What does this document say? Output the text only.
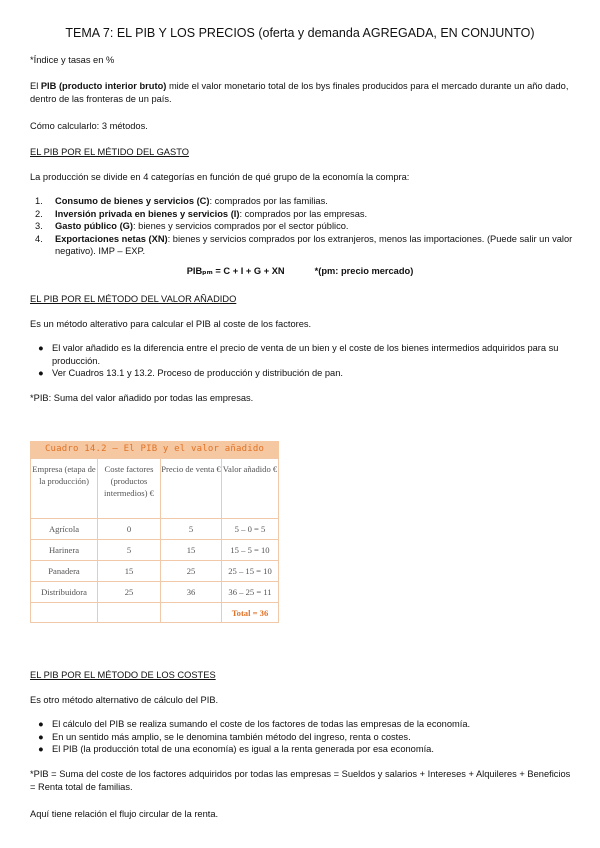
TEMA 7: EL PIB Y LOS PRECIOS (oferta y demanda AGREGADA, EN CONJUNTO)
*Índice y tasas en %
El PIB (producto interior bruto) mide el valor monetario total de los bys finales producidos para el mercado durante un año dado, dentro de las fronteras de un país.
Cómo calcularlo: 3 métodos.
EL PIB POR EL MÉTIDO DEL GASTO
La producción se divide en 4 categorías en función de qué grupo de la economía la compra:
1.	Consumo de bienes y servicios (C): comprados por las familias.
2.	Inversión privada en bienes y servicios (I): comprados por las empresas.
3.	Gasto público (G): bienes y servicios comprados por el sector público.
4.	Exportaciones netas (XN): bienes y servicios comprados por los extranjeros, menos las importaciones. (Puede salir un valor negativo). IMP – EXP.
PIBₚₘ = C + I + G + XN	*(pm: precio mercado)
EL PIB POR EL MÉTODO DEL VALOR AÑADIDO
Es un método alterativo para calcular el PIB al coste de los factores.
● El valor añadido es la diferencia entre el precio de venta de un bien y el coste de los bienes intermedios adquiridos para su producción.
● Ver Cuadros 13.1 y 13.2. Proceso de producción y distribución de pan.
*PIB: Suma del valor añadido por todas las empresas.
Cuadro 14.2 – El PIB y el valor añadido
Empresa (etapa de la producción)	Coste factores (productos intermedios) €	Precio de venta €	Valor añadido €
Agrícola	0	5	5 – 0 = 5
Harinera	5	15	15 – 5 = 10
Panadera	15	25	25 – 15 = 10
Distribuidora	25	36	36 – 25 = 11
			Total = 36
EL PIB POR EL MÉTODO DE LOS COSTES
Es otro método alternativo de cálculo del PIB.
● El cálculo del PIB se realiza sumando el coste de los factores de todas las empresas de la economía.
● En un sentido más amplio, se le denomina también método del ingreso, renta o costes.
● El PIB (la producción total de una economía) es igual a la renta generada por esa economía.
*PIB = Suma del coste de los factores adquiridos por todas las empresas = Sueldos y salarios + Intereses + Alquileres + Beneficios = Renta total de familias.
Aquí tiene relación el flujo circular de la renta.
